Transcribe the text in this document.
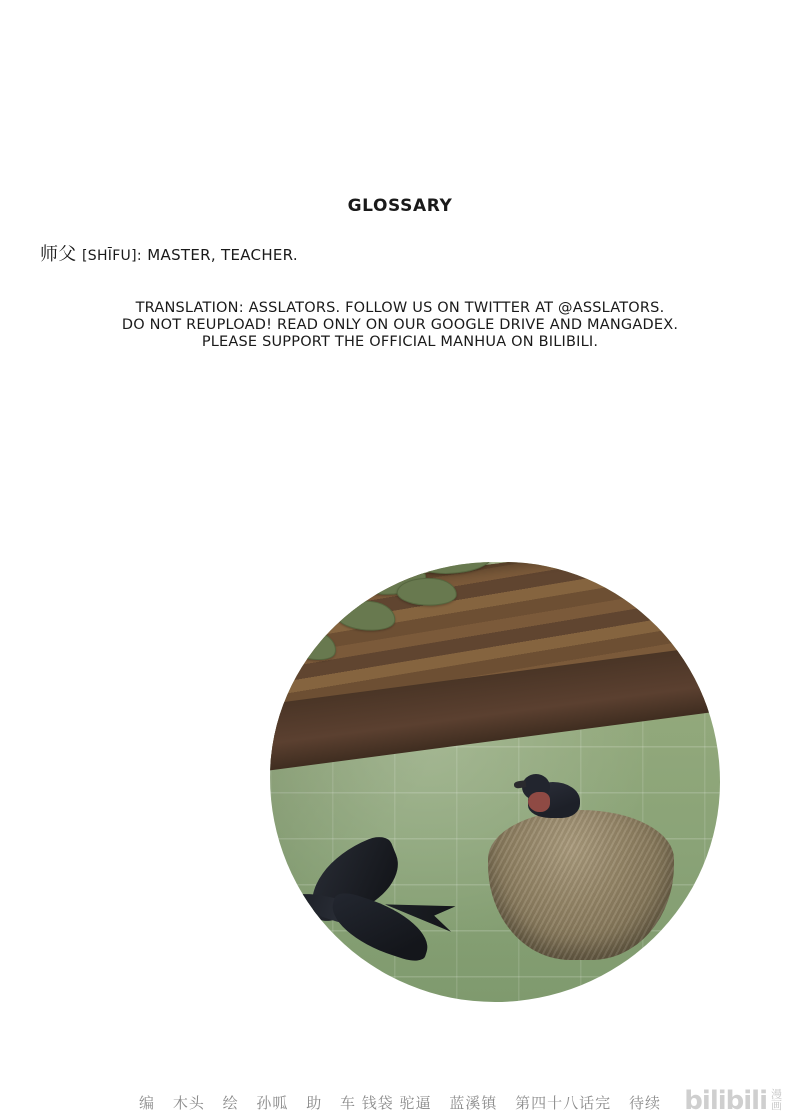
GLOSSARY
师父 [SHĪFU]: MASTER, TEACHER.
TRANSLATION: ASSLATORS. FOLLOW US ON TWITTER AT @ASSLATORS.
DO NOT REUPLOAD! READ ONLY ON OUR GOOGLE DRIVE AND MANGADEX.
PLEASE SUPPORT THE OFFICIAL MANHUA ON BILIBILI.
编 木头 绘 孙呱 助 车 钱袋 驼逼 蓝溪镇 第四十八话完 待续 bilibili 漫
画
